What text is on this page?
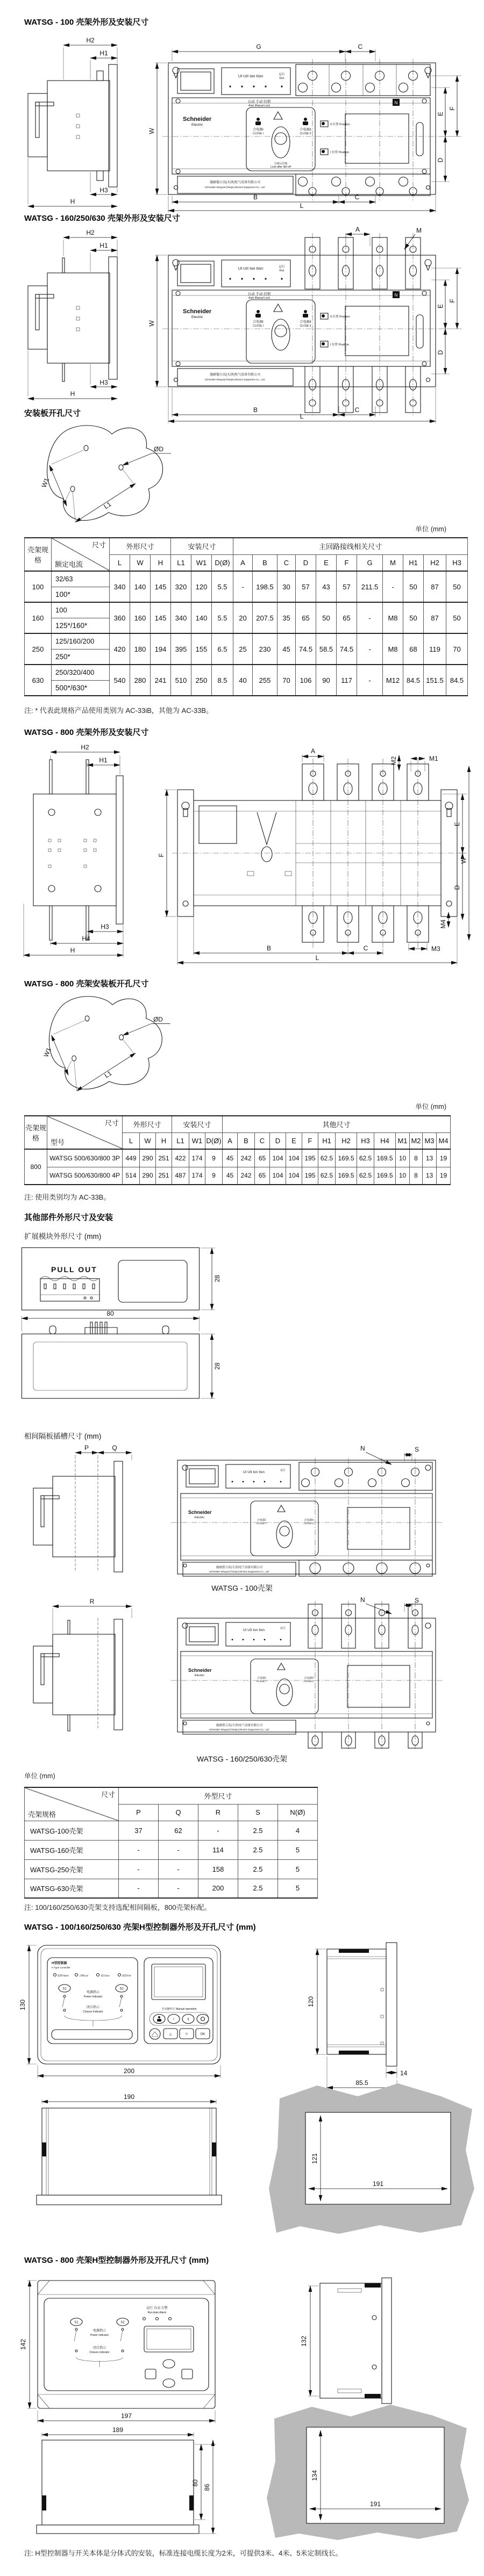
WATSG - 100 壳架外形及安装尺寸
H2
H1
H3
H
UI UII Ion IIon	运行
Run
Schneider
Electric
自动 手动 挂锁
Auto Manual Lock
N
合电源I
CLOSE I
合电源II
CLOSE II
分闸后挂锁
Lock after I&II off
II 位置 Position
I 位置 Position
施耐德万高(天津)电气设备有限公司
Schneider Wingoal (Tianjin) Electric Equipment Co., Ltd.
G	C
W
E
F
D
B	C
L
WATSG - 160/250/630 壳架外形及安装尺寸
H2
H1
H3
H
UI UII Ion IIon	运行
Run
Schneider
Electric
自动 手动 挂锁
Auto Manual Lock
N
合电源I
CLOSE I
合电源II
CLOSE II
II 位置 Position
I 位置 Position
施耐德万高(天津)电气设备有限公司
Schneider Wingoal (Tianjin) Electric Equipment Co., Ltd.
A	M
W
E
F
D
B	C
L
安装板开孔尺寸
W1
L1
ØD
单位 (mm)
壳架规格	尺寸
额定电流	外形尺寸			安装尺寸			主回路接线相关尺寸										
		L	W	H	L1	W1	D(Ø)	A	B	C	D	E	F	G	M	H1	H2	H3
100	32/63	340	140	145	320	120	5.5	-	198.5	30	57	43	57	211.5	-	50	87	50
	100*																	
160	100	360	160	145	340	140	5.5	20	207.5	35	65	50	65	-	M8	50	87	50
	125*/160*																	
250	125/160/200	420	180	194	395	155	6.5	25	230	45	74.5	58.5	74.5	-	M8	68	119	70
	250*																	
630	250/320/400	540	280	241	510	250	8.5	40	255	70	106	90	117	-	M12	84.5	151.5	84.5
	500*/630*																	
注: * 代表此规格产品使用类别为 AC-33iB，其他为 AC-33B。
WATSG - 800 壳架外形及安装尺寸
H2
H1
H3
H4
H
A
M2	M1
F
E
W
D
M4
M3
B	C
L
WATSG - 800 壳架安装板开孔尺寸
W1
L1
ØD
单位 (mm)
壳架规格	尺寸
型号	外形尺寸			安装尺寸			其他尺寸													
		L	W	H	L1	W1	D(Ø)	A	B	C	D	E	F	H1	H2	H3	H4	M1	M2	M3	M4
800	WATSG 500/630/800 3P	449	290	251	422	174	9	45	242	65	104	104	195	62.5	169.5	62.5	169.5	10	8	13	19
	WATSG 500/630/800 4P	514	290	251	487	174	9	45	242	65	104	104	195	62.5	169.5	62.5	169.5	10	8	13	19
注: 使用类别均为 AC-33B。
其他部件外形尺寸及安装
扩展模块外形尺寸 (mm)
PULL OUT
28
80
28
相间隔板插槽尺寸 (mm)
P	Q
UI UII Ion IIon	运行
Schneider
Electric
合电源I
CLOSE I
合电源II
CLOSE II
施耐德万高(天津)电气设备有限公司
Schneider Wingoal (Tianjin) Electric Equipment Co., Ltd.
N	S
WATSG - 100壳架
R
UI UII Ion IIon	运行
Schneider
Electric
合电源I
CLOSE I
合电源II
CLOSE II
施耐德万高(天津)电气设备有限公司
Schneider Wingoal (Tianjin) Electric Equipment Co., Ltd.
N	S
WATSG - 160/250/630壳架
单位 (mm)
尺寸
壳架规格	外型尺寸				
	P	Q	R	S	N(Ø)
WATSG-100壳架	37	62	-	2.5	4
WATSG-160壳架	-	-	114	2.5	5
WATSG-250壳架	-	-	158	2.5	5
WATSG-630壳架	-	-	200	2.5	5
注: 100/160/250/630壳架支持选配相间隔板，800壳架标配。
WATSG - 100/160/250/630 壳架H型控制器外形及开孔尺寸 (mm)
H型控制器
H Type Controller
报警Alarm	合闸Con	退出Out	消防Fire
S1	S2
电源指示
Power Indicator
闭合指示
Closure Indicator
手动操作区 Manual operation
I	II
△	▽	OK
130
200
120
14
85.5
190
121
191
WATSG - 800 壳架H型控制器外形及开孔尺寸 (mm)
运行 自动 告警
Run Auto Alarm
S1	S2
电源指示
Power indicator
闭合指示
Closure indicator
142
197
132
189
80
86
134
191
注: H型控制器与开关本体是分体式的安装，标准连接电缆长度为2米，可提供3米、4米、5米定制线长。
